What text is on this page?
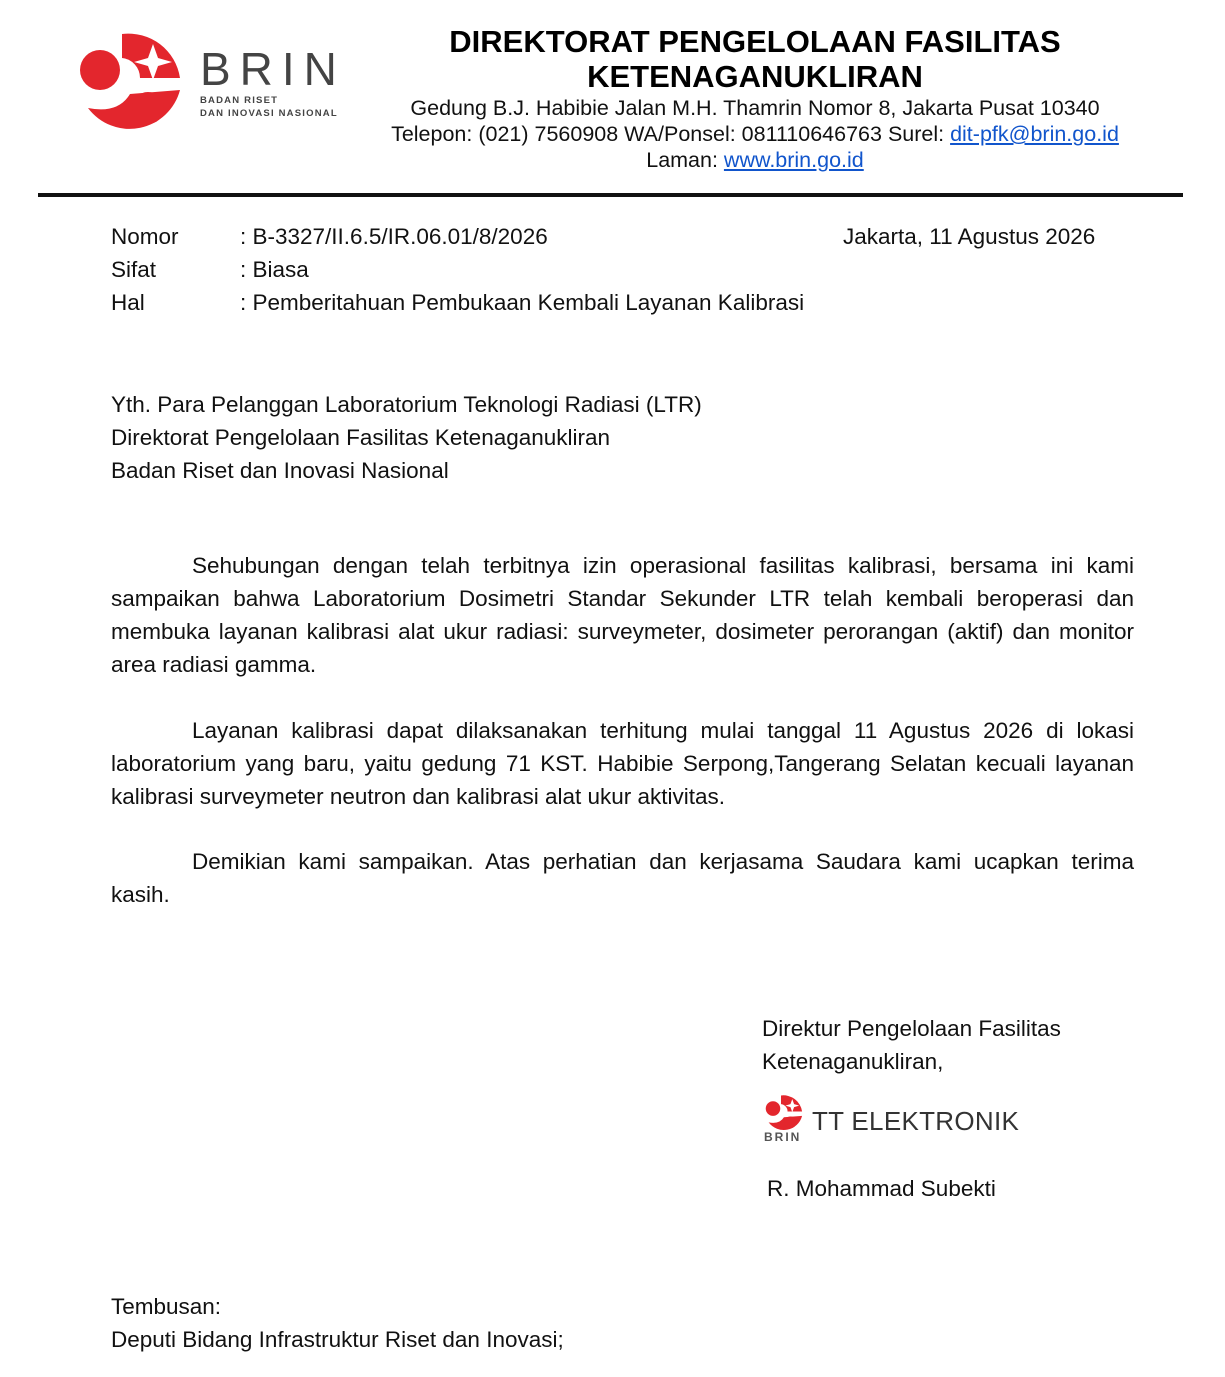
BRIN
BADAN RISET
DAN INOVASI NASIONAL
DIREKTORAT PENGELOLAAN FASILITAS
KETENAGANUKLIRAN
Gedung B.J. Habibie Jalan M.H. Thamrin Nomor 8, Jakarta Pusat 10340
Telepon: (021) 7560908 WA/Ponsel: 081110646763 Surel: dit-pfk@brin.go.id
Laman: www.brin.go.id
Nomor	: B-3327/II.6.5/IR.06.01/8/2026	Jakarta, 11 Agustus 2026
Sifat	: Biasa
Hal	: Pemberitahuan Pembukaan Kembali Layanan Kalibrasi
Yth. Para Pelanggan Laboratorium Teknologi Radiasi (LTR)
Direktorat Pengelolaan Fasilitas Ketenaganukliran
Badan Riset dan Inovasi Nasional

Sehubungan dengan telah terbitnya izin operasional fasilitas kalibrasi, bersama ini kami sampaikan bahwa Laboratorium Dosimetri Standar Sekunder LTR telah kembali beroperasi dan membuka layanan kalibrasi alat ukur radiasi: surveymeter, dosimeter perorangan (aktif) dan monitor area radiasi gamma.

Layanan kalibrasi dapat dilaksanakan terhitung mulai tanggal 11 Agustus 2026 di lokasi laboratorium yang baru, yaitu gedung 71 KST. Habibie Serpong,Tangerang Selatan kecuali layanan kalibrasi surveymeter neutron dan kalibrasi alat ukur aktivitas.

Demikian kami sampaikan. Atas perhatian dan kerjasama Saudara kami ucapkan terima kasih.

Direktur Pengelolaan Fasilitas
Ketenaganukliran,
BRIN
TT ELEKTRONIK
R. Mohammad Subekti
Tembusan:
Deputi Bidang Infrastruktur Riset dan Inovasi;
